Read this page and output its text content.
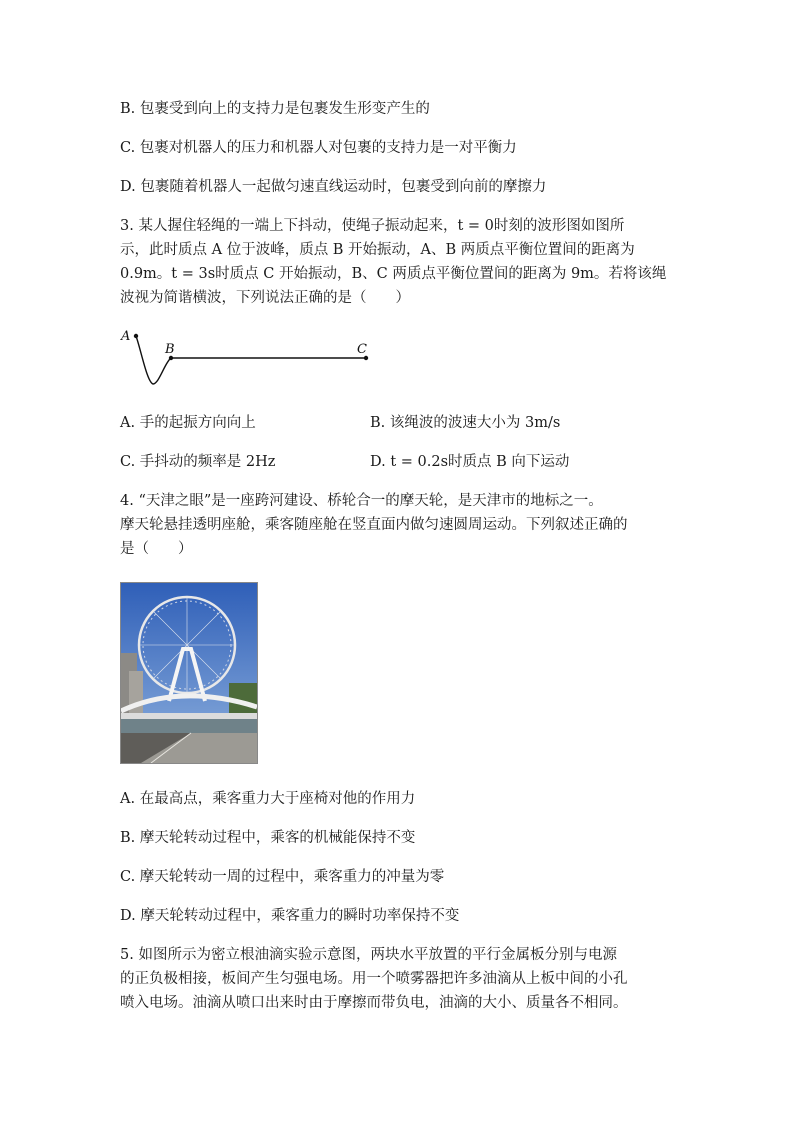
B. 包裹受到向上的支持力是包裹发生形变产生的
C. 包裹对机器人的压力和机器人对包裹的支持力是一对平衡力
D. 包裹随着机器人一起做匀速直线运动时，包裹受到向前的摩擦力
3. 某人握住轻绳的一端上下抖动，使绳子振动起来，t = 0时刻的波形图如图所
示，此时质点 A 位于波峰，质点 B 开始振动，A、B 两质点平衡位置间的距离为
0.9m。t = 3s时质点 C 开始振动，B、C 两质点平衡位置间的距离为 9m。若将该绳
波视为简谐横波，下列说法正确的是（　　）
A
B	C
A. 手的起振方向向上	B. 该绳波的波速大小为 3m/s
C. 手抖动的频率是 2Hz	D. t = 0.2s时质点 B 向下运动
4. “天津之眼”是一座跨河建设、桥轮合一的摩天轮，是天津市的地标之一。
摩天轮悬挂透明座舱，乘客随座舱在竖直面内做匀速圆周运动。下列叙述正确的
是（　　）
A. 在最高点，乘客重力大于座椅对他的作用力
B. 摩天轮转动过程中，乘客的机械能保持不变
C. 摩天轮转动一周的过程中，乘客重力的冲量为零
D. 摩天轮转动过程中，乘客重力的瞬时功率保持不变
5. 如图所示为密立根油滴实验示意图，两块水平放置的平行金属板分别与电源
的正负极相接，板间产生匀强电场。用一个喷雾器把许多油滴从上板中间的小孔
喷入电场。油滴从喷口出来时由于摩擦而带负电，油滴的大小、质量各不相同。
